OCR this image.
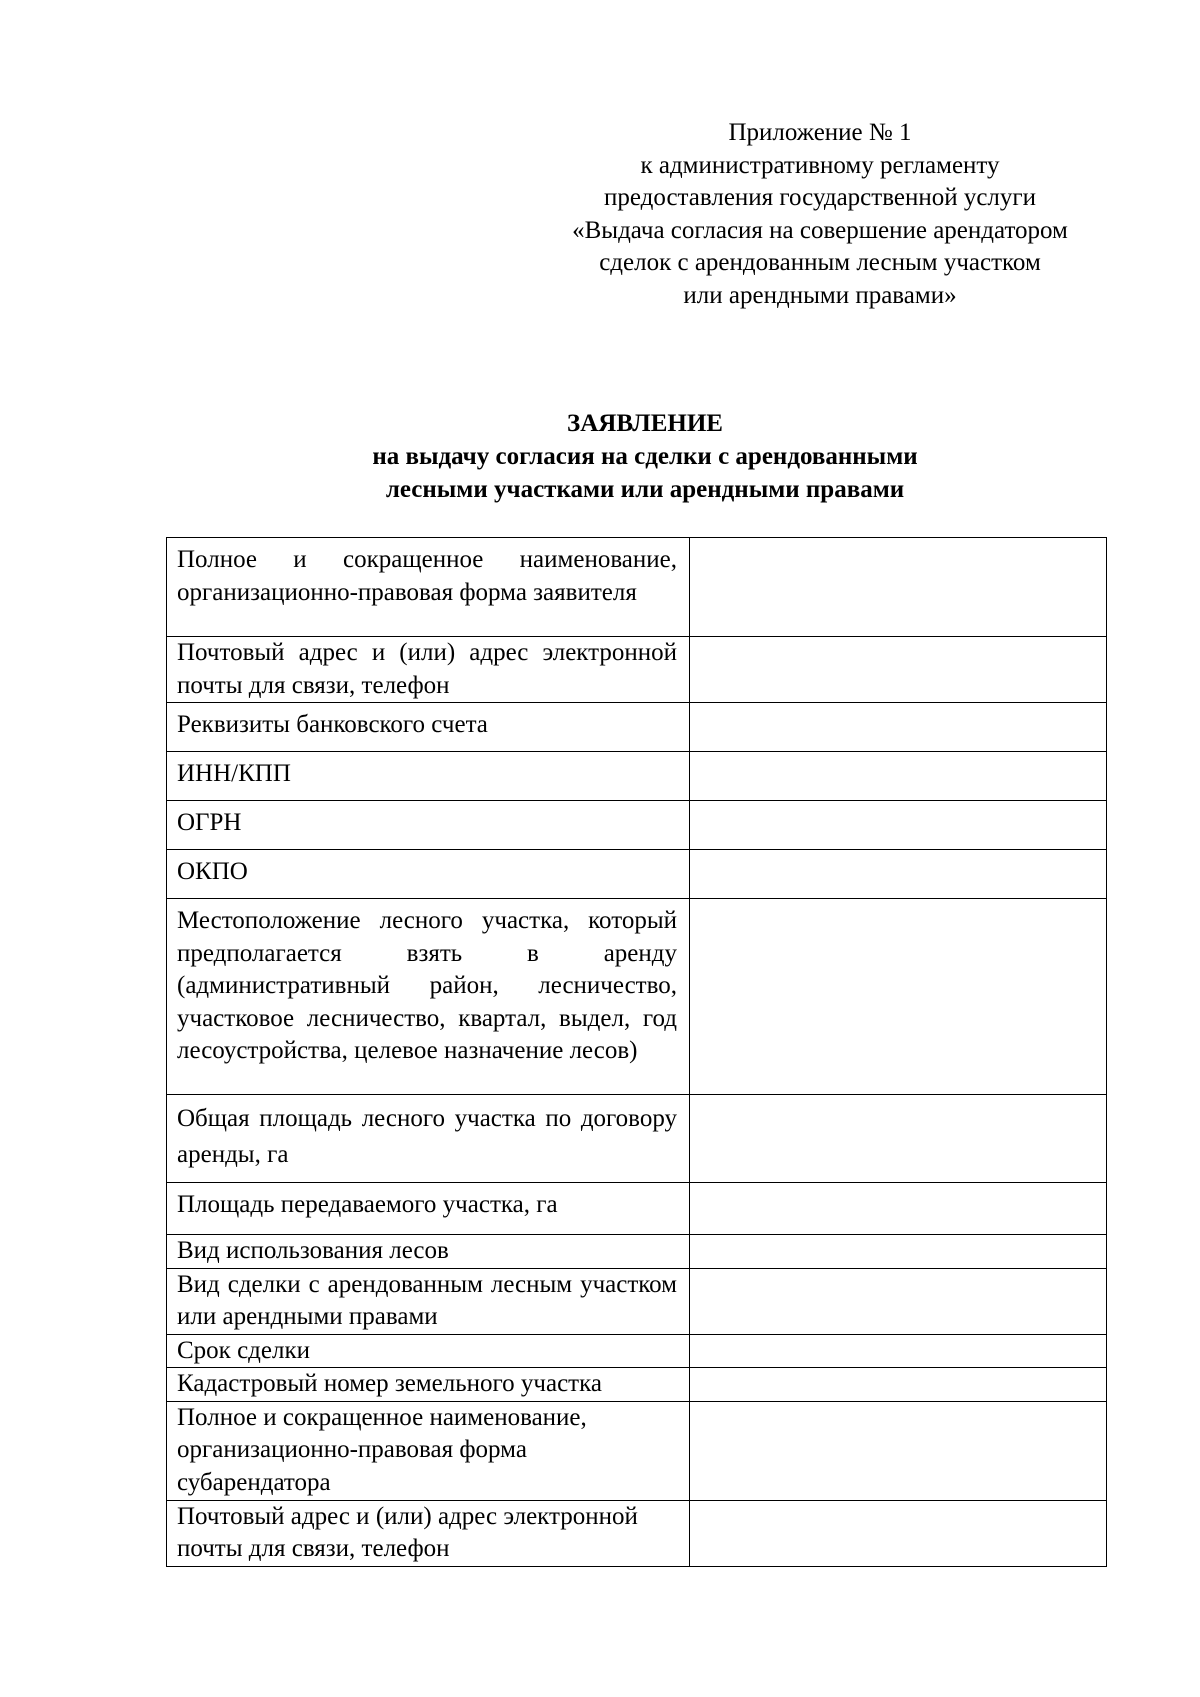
Приложение № 1
к административному регламенту
предоставления государственной услуги
«Выдача согласия на совершение арендатором
сделок с арендованным лесным участком
или арендными правами»
ЗАЯВЛЕНИЕ
на выдачу согласия на сделки с арендованными
лесными участками или арендными правами
Полное и сокращенное наименование, организационно-правовая форма заявителя	
Почтовый адрес и (или) адрес электронной почты для связи, телефон	
Реквизиты банковского счета	
ИНН/КПП	
ОГРН	
ОКПО	
Местоположение лесного участка, который предполагается взять в аренду (административный район, лесничество, участковое лесничество, квартал, выдел, год лесоустройства, целевое назначение лесов)	
Общая площадь лесного участка по договору аренды, га	
Площадь передаваемого участка, га	
Вид использования лесов	
Вид сделки с арендованным лесным участком или арендными правами	
Срок сделки	
Кадастровый номер земельного участка	
Полное и сокращенное наименование, организационно-правовая форма субарендатора	
Почтовый адрес и (или) адрес электронной почты для связи, телефон	
